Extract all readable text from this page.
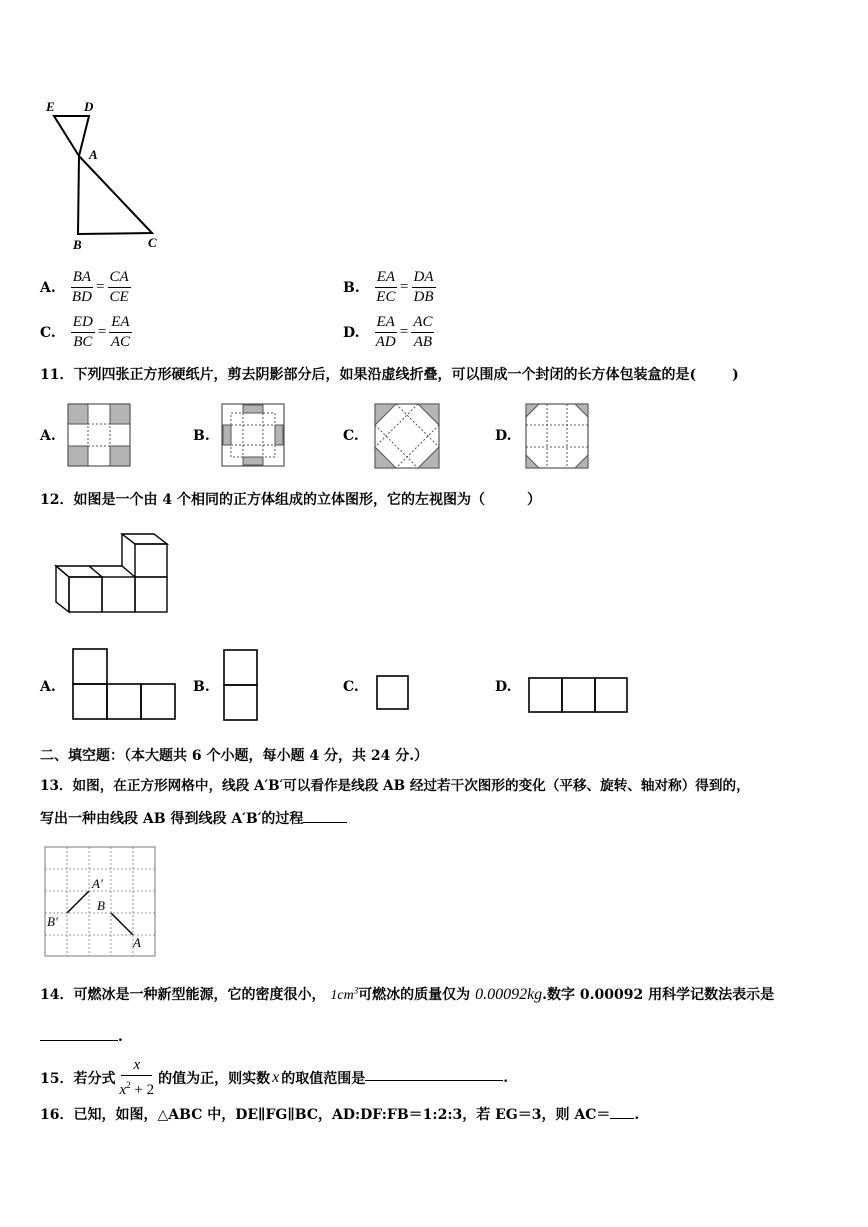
E D
A
B	C
A. $\frac{BA}{BD} = \frac{CA}{CE}$	B. $\frac{EA}{EC} = \frac{DA}{DB}$
C. $\frac{ED}{BC} = \frac{EA}{AC}$	D. $\frac{EA}{AD} = \frac{AC}{AB}$
11．下列四张正方形硬纸片，剪去阴影部分后，如果沿虚线折叠，可以围成一个封闭的长方体包装盒的是(	)
A.	B.	C.	D.
12．如图是一个由 4 个相同的正方体组成的立体图形，它的左视图为（	）
A.	B.	C.	D.
二、填空题：（本大题共 6 个小题，每小题 4 分，共 24 分.）
13．如图，在正方形网格中，线段 A′B′可以看作是线段 AB 经过若干次图形的变化（平移、旋转、轴对称）得到的，
写出一种由线段 AB 得到线段 A′B′的过程
A′
B
B′
A
14．可燃冰是一种新型能源，它的密度很小， $1cm^3$可燃冰的质量仅为 0.00092kg.数字 0.00092 用科学记数法表示是
.
15．若分式 $\frac{x}{x^2 + 2}$ 的值为正，则实数 x 的取值范围是	.
16．已知，如图，△ABC 中，DE∥FG∥BC，AD:DF:FB＝1:2:3，若 EG＝3，则 AC＝ .
